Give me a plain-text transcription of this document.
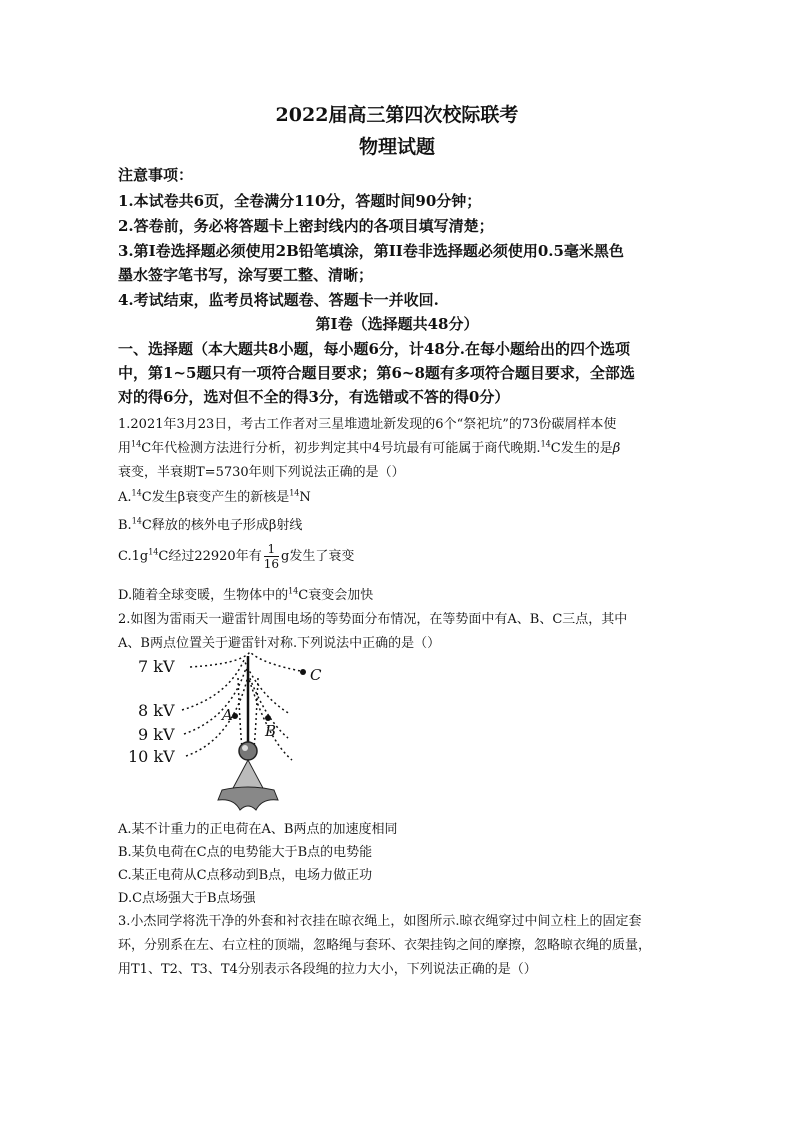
2022届高三第四次校际联考
物理试题
注意事项：
1.本试卷共6页，全卷满分110分，答题时间90分钟；
2.答卷前，务必将答题卡上密封线内的各项目填写清楚；
3.第I卷选择题必须使用2B铅笔填涂，第II卷非选择题必须使用0.5毫米黑色
墨水签字笔书写，涂写要工整、清晰；
4.考试结束，监考员将试题卷、答题卡一并收回.
第I卷（选择题共48分）
一、选择题（本大题共8小题，每小题6分，计48分.在每小题给出的四个选项
中，第1~5题只有一项符合题目要求；第6~8题有多项符合题目要求，全部选
对的得6分，选对但不全的得3分，有选错或不答的得0分）
1.2021年3月23日，考古工作者对三星堆遗址新发现的6个“祭祀坑”的73份碳屑样本使
用$^{14}$C年代检测方法进行分析，初步判定其中4号坑最有可能属于商代晚期.$^{14}$C发生的是β
衰变，半衰期T=5730年则下列说法正确的是（）
A.$^{14}$C发生β衰变产生的新核是$^{14}$N
B.$^{14}$C释放的核外电子形成β射线
$C.1g^{14}C$经过22920年有 $\frac{1}{16}$ g发生了衰变
D.随着全球变暖，生物体中的$^{14}$C衰变会加快
2.如图为雷雨天一避雷针周围电场的等势面分布情况，在等势面中有A、B、C三点，其中
A、B两点位置关于避雷针对称.下列说法中正确的是（）
7 kV
8 kV
9 kV
10 kV
A
B
C
A.某不计重力的正电荷在A、B两点的加速度相同
B.某负电荷在C点的电势能大于B点的电势能
C.某正电荷从C点移动到B点，电场力做正功
D.C点场强大于B点场强
3.小杰同学将洗干净的外套和衬衣挂在晾衣绳上，如图所示.晾衣绳穿过中间立柱上的固定套
环，分别系在左、右立柱的顶端，忽略绳与套环、衣架挂钩之间的摩擦，忽略晾衣绳的质量，
用T1、T2、T3、T4分别表示各段绳的拉力大小，下列说法正确的是（）
